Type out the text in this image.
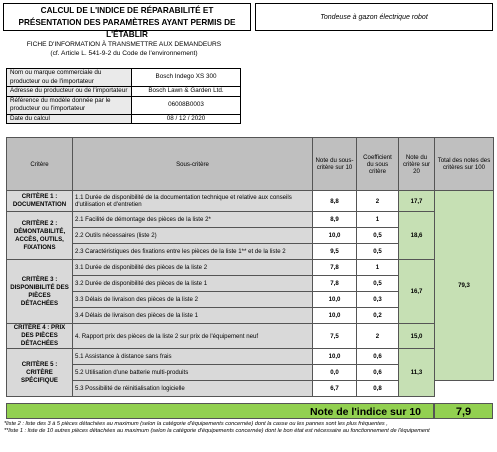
CALCUL DE L'INDICE DE RÉPARABILITÉ ET
PRÉSENTATION DES PARAMÈTRES AYANT PERMIS DE L'ÉTABLIR
Tondeuse à gazon électrique robot
FICHE D'INFORMATION À TRANSMETTRE AUX DEMANDEURS
(cf. Article L. 541-9-2 du Code de l'environnement)
Nom ou marque commerciale du producteur ou de l'importateur	Bosch Indego XS 300
Adresse du producteur ou de l'importateur	Bosch Lawn & Garden Ltd.
Référence du modèle donnée par le producteur ou l'importateur	06008B0003
Date du calcul	08 / 12 / 2020
Critère	Sous-critère	Note du sous-critère sur 10	Coefficient du sous critère	Note du critère sur 20	Total des notes des critères sur 100
CRITÈRE 1 : DOCUMENTATION	1.1 Durée de disponibilité de la documentation technique et relative aux conseils d'utilisation et d'entretien	8,8	2	17,7	79,3
CRITÈRE 2 : DÉMONTABILITÉ, ACCÈS, OUTILS, FIXATIONS	2.1 Facilité de démontage des pièces de la liste 2*	8,9	1	18,6	
	2.2 Outils nécessaires (liste 2)	10,0	0,5		
	2.3 Caractéristiques des fixations entre les pièces de la liste 1** et de la liste 2	9,5	0,5		
CRITÈRE 3 : DISPONIBILITÉ DES PIÈCES DÉTACHÉES	3.1 Durée de disponibilité des pièces de la liste 2	7,8	1	16,7	
	3.2 Durée de disponibilité des pièces de la liste 1	7,8	0,5		
	3.3 Délais de livraison des pièces de la liste 2	10,0	0,3		
	3.4 Délais de livraison des pièces de la liste 1	10,0	0,2		
CRITÈRE 4 : PRIX DES PIÈCES DÉTACHÉES	4. Rapport prix des pièces de la liste 2 sur prix de l'équipement neuf	7,5	2	15,0	
CRITÈRE 5 : CRITÈRE SPÉCIFIQUE	5.1 Assistance à distance sans frais	10,0	0,6	11,3	
	5.2 Utilisation d'une batterie multi-produits	0,0	0,6		
	5.3 Possibilité de réinitialisation logicielle	6,7	0,8		
Note de l'indice sur 10	7,9
*liste 2 : liste des 3 à 5 pièces détachées au maximum (selon la catégorie d'équipements concernée) dont la casse ou les pannes sont les plus fréquentes ,
**liste 1 : liste de 10 autres pièces détachées au maximum (selon la catégorie d'équipements concernée) dont le bon état est nécessaire au fonctionnement de l'équipement
